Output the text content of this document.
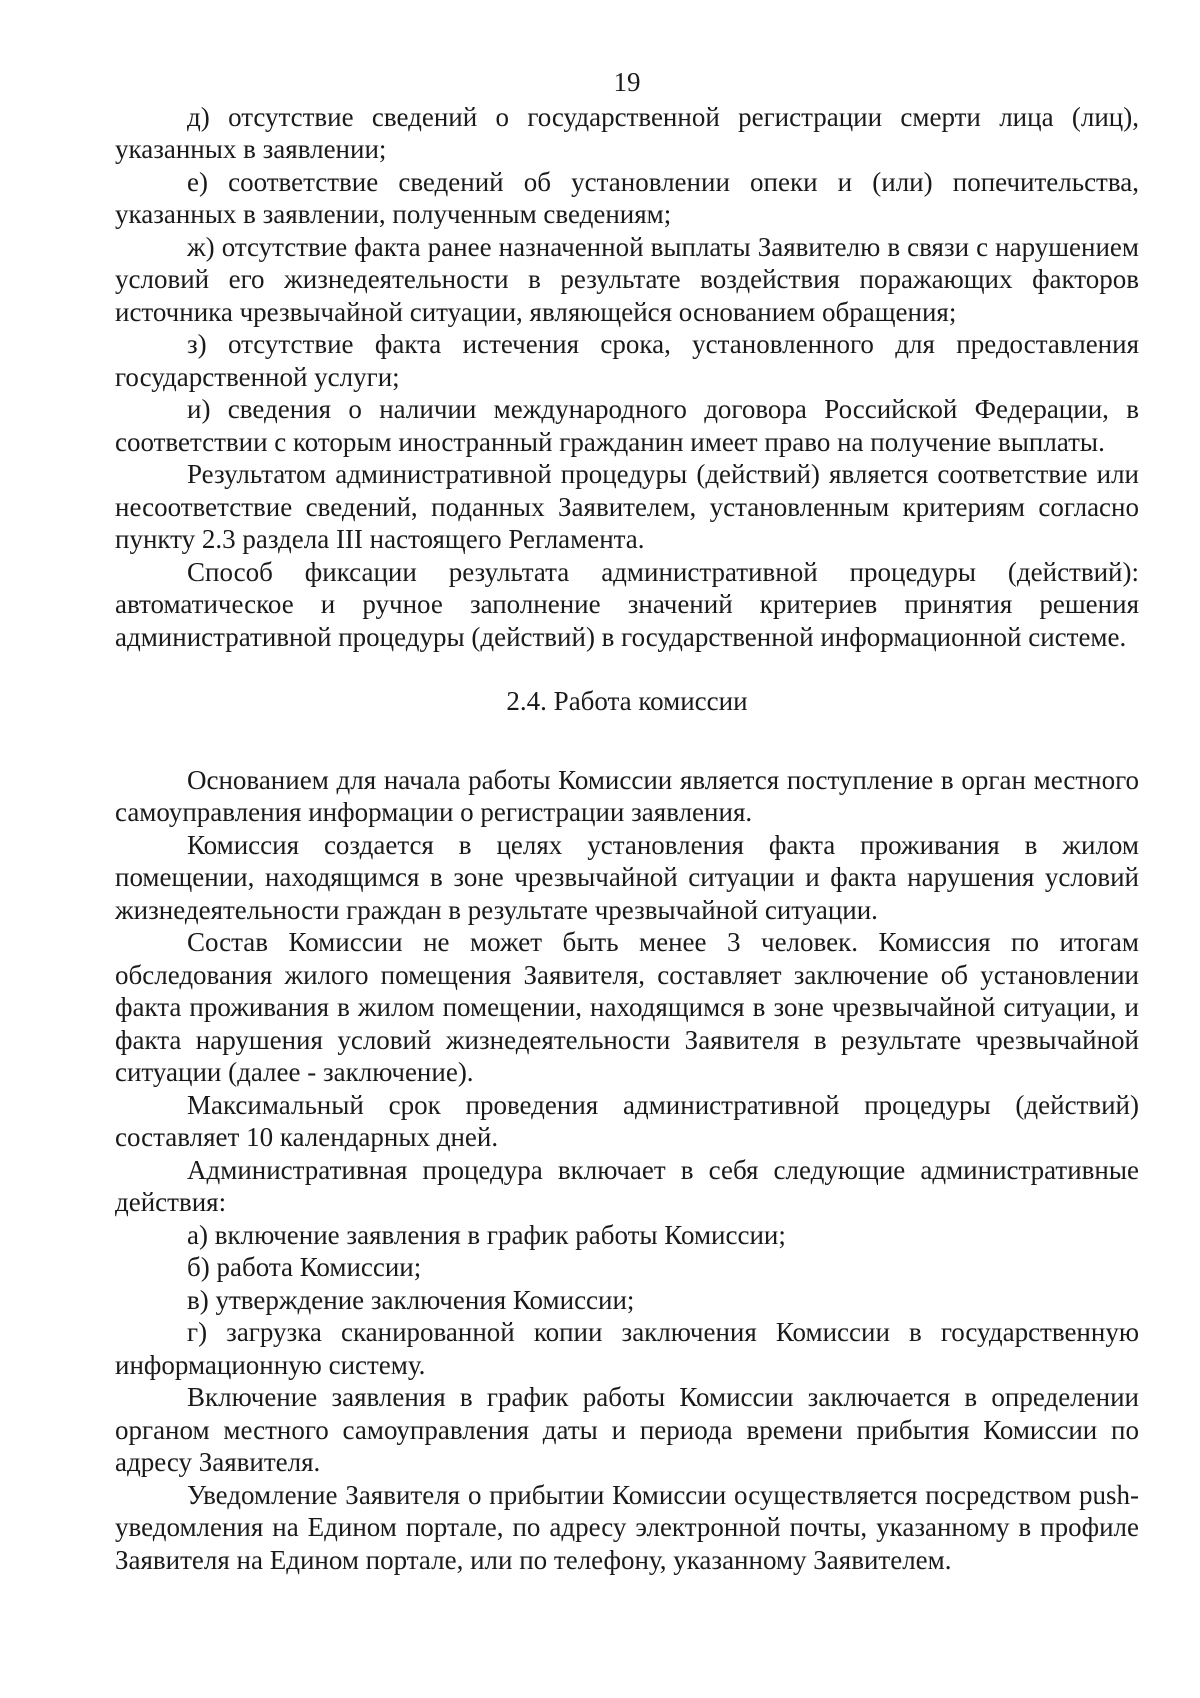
19

д) отсутствие сведений о государственной регистрации смерти лица (лиц), указанных в заявлении;

е) соответствие сведений об установлении опеки и (или) попечительства, указанных в заявлении, полученным сведениям;

ж) отсутствие факта ранее назначенной выплаты Заявителю в связи с нарушением условий его жизнедеятельности в результате воздействия поражающих факторов источника чрезвычайной ситуации, являющейся основанием обращения;

з) отсутствие факта истечения срока, установленного для предоставления государственной услуги;

и) сведения о наличии международного договора Российской Федерации, в соответствии с которым иностранный гражданин имеет право на получение выплаты.

Результатом административной процедуры (действий) является соответствие или несоответствие сведений, поданных Заявителем, установленным критериям согласно пункту 2.3 раздела III настоящего Регламента.

Способ фиксации результата административной процедуры (действий): автоматическое и ручное заполнение значений критериев принятия решения административной процедуры (действий) в государственной информационной системе.

2.4. Работа комиссии

Основанием для начала работы Комиссии является поступление в орган местного самоуправления информации о регистрации заявления.

Комиссия создается в целях установления факта проживания в жилом помещении, находящимся в зоне чрезвычайной ситуации и факта нарушения условий жизнедеятельности граждан в результате чрезвычайной ситуации.

Состав Комиссии не может быть менее 3 человек. Комиссия по итогам обследования жилого помещения Заявителя, составляет заключение об установлении факта проживания в жилом помещении, находящимся в зоне чрезвычайной ситуации, и факта нарушения условий жизнедеятельности Заявителя в результате чрезвычайной ситуации (далее - заключение).

Максимальный срок проведения административной процедуры (действий) составляет 10 календарных дней.

Административная процедура включает в себя следующие административные действия:

а) включение заявления в график работы Комиссии;

б) работа Комиссии;

в) утверждение заключения Комиссии;

г) загрузка сканированной копии заключения Комиссии в государственную информационную систему.

Включение заявления в график работы Комиссии заключается в определении органом местного самоуправления даты и периода времени прибытия Комиссии по адресу Заявителя.

Уведомление Заявителя о прибытии Комиссии осуществляется посредством push-уведомления на Едином портале, по адресу электронной почты, указанному в профиле Заявителя на Едином портале, или по телефону, указанному Заявителем.
